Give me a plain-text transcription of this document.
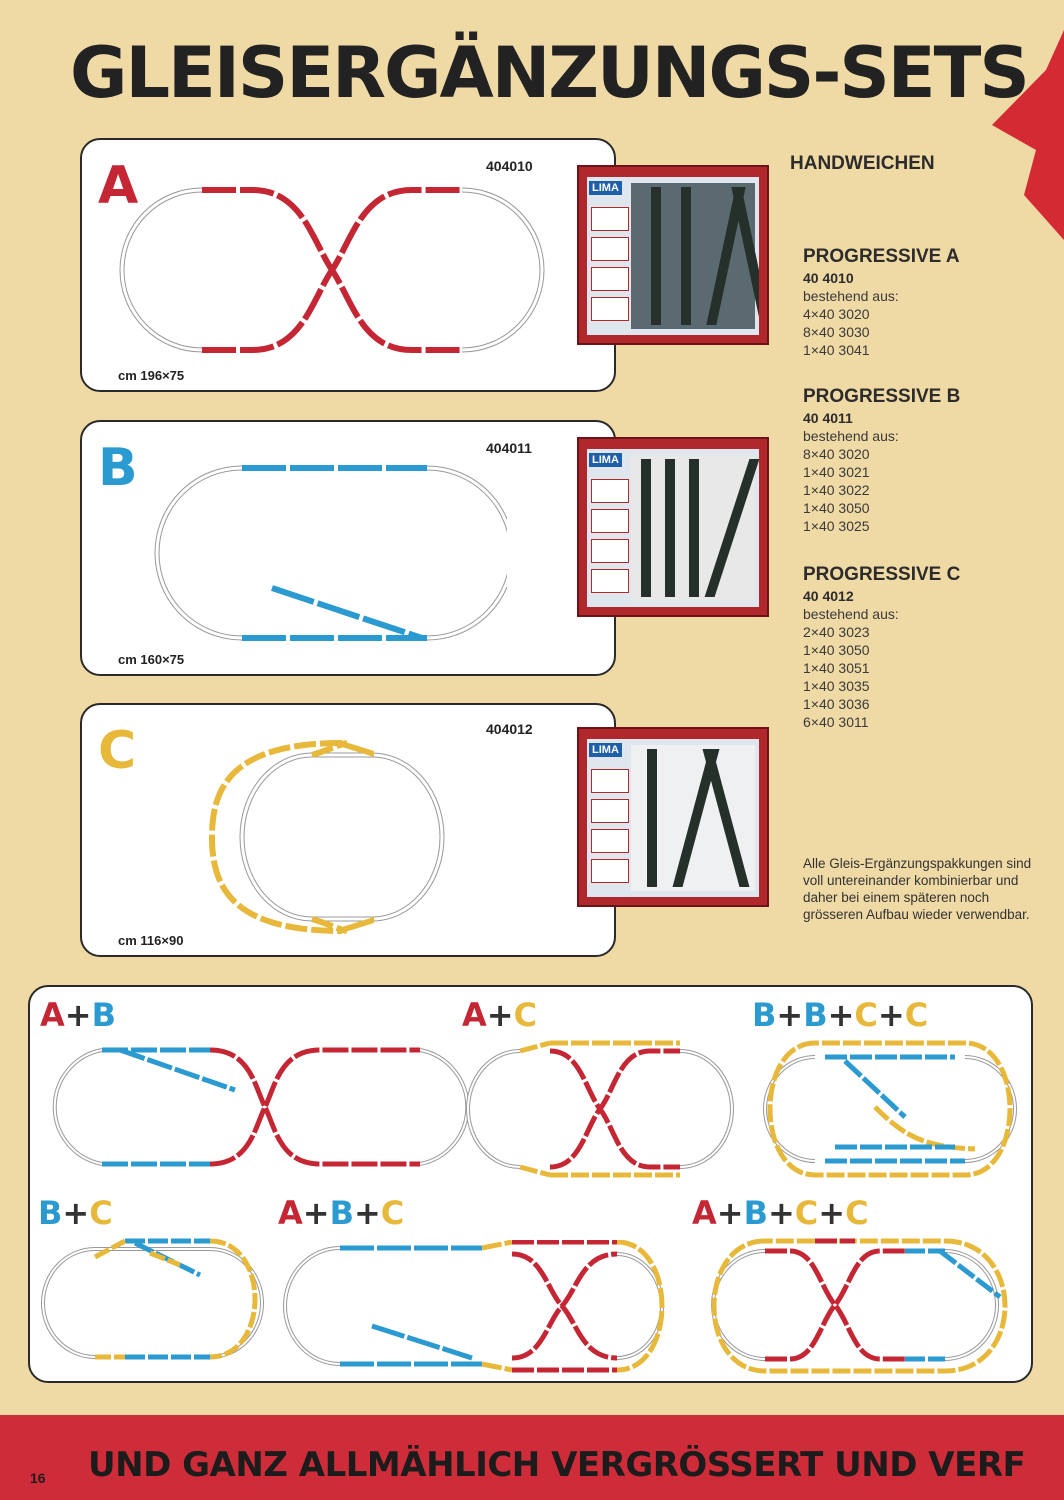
GLEISERGÄNZUNGS-SETS
A	404010
cm 196×75
B	404011
cm 160×75
C	404012
cm 116×90
LIMA
LIMA
LIMA
HANDWEICHEN
PROGRESSIVE A
40 4010
bestehend aus:
4×40 3020
8×40 3030
1×40 3041
PROGRESSIVE B
40 4011
bestehend aus:
8×40 3020
1×40 3021
1×40 3022
1×40 3050
1×40 3025
PROGRESSIVE C
40 4012
bestehend aus:
2×40 3023
1×40 3050
1×40 3051
1×40 3035
1×40 3036
6×40 3011
Alle Gleis-Ergänzungspakkungen sind voll untereinander kombinierbar und daher bei einem späteren noch grösseren Aufbau wieder verwendbar.
A+B	A+C	B+B+C+C
B+C	A+B+C	A+B+C+C
UND GANZ ALLMÄHLICH VERGRÖSSERT UND VERF
16
